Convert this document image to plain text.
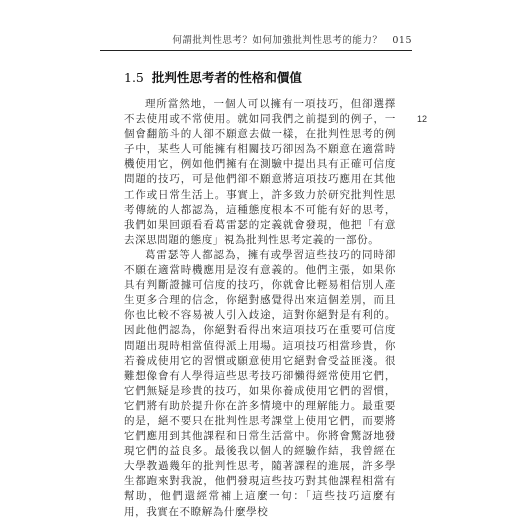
何謂批判性思考？如何加強批判性思考的能力？ 015
1.5 批判性思考者的性格和價值
12

理所當然地，一個人可以擁有一項技巧，但卻選擇不去使用或不常使用。就如同我們之前提到的例子，一個會翻筋斗的人卻不願意去做一樣，在批判性思考的例子中，某些人可能擁有相關技巧卻因為不願意在適當時機使用它，例如他們擁有在測驗中提出具有正確可信度問題的技巧，可是他們卻不願意將這項技巧應用在其他工作或日常生活上。事實上，許多致力於研究批判性思考傳統的人都認為，這種態度根本不可能有好的思考，我們如果回頭看看葛雷瑟的定義就會發現，他把「有意去深思問題的態度」視為批判性思考定義的一部份。

葛雷瑟等人都認為，擁有或學習這些技巧的同時卻不願在適當時機應用是沒有意義的。他們主張，如果你具有判斷證據可信度的技巧，你就會比輕易相信別人產生更多合理的信念，你絕對感覺得出來這個差別，而且你也比較不容易被人引入歧途，這對你絕對是有利的。因此他們認為，你絕對看得出來這項技巧在重要可信度問題出現時相當值得派上用場。這項技巧相當珍貴，你若養成使用它的習慣或願意使用它絕對會受益匪淺。很難想像會有人學得這些思考技巧卻懶得經常使用它們，它們無疑是珍貴的技巧，如果你養成使用它們的習慣，它們將有助於提升你在許多情境中的理解能力。最重要的是，絕不要只在批判性思考課堂上使用它們，而要將它們應用到其他課程和日常生活當中。你將會驚訝地發現它們的益良多。最後我以個人的經驗作結，我曾經在大學教過幾年的批判性思考，隨著課程的進展，許多學生都跑來對我說，他們發現這些技巧對其他課程相當有幫助，他們還經常補上這麼一句：「這些技巧這麼有用，我實在不瞭解為什麼學校
